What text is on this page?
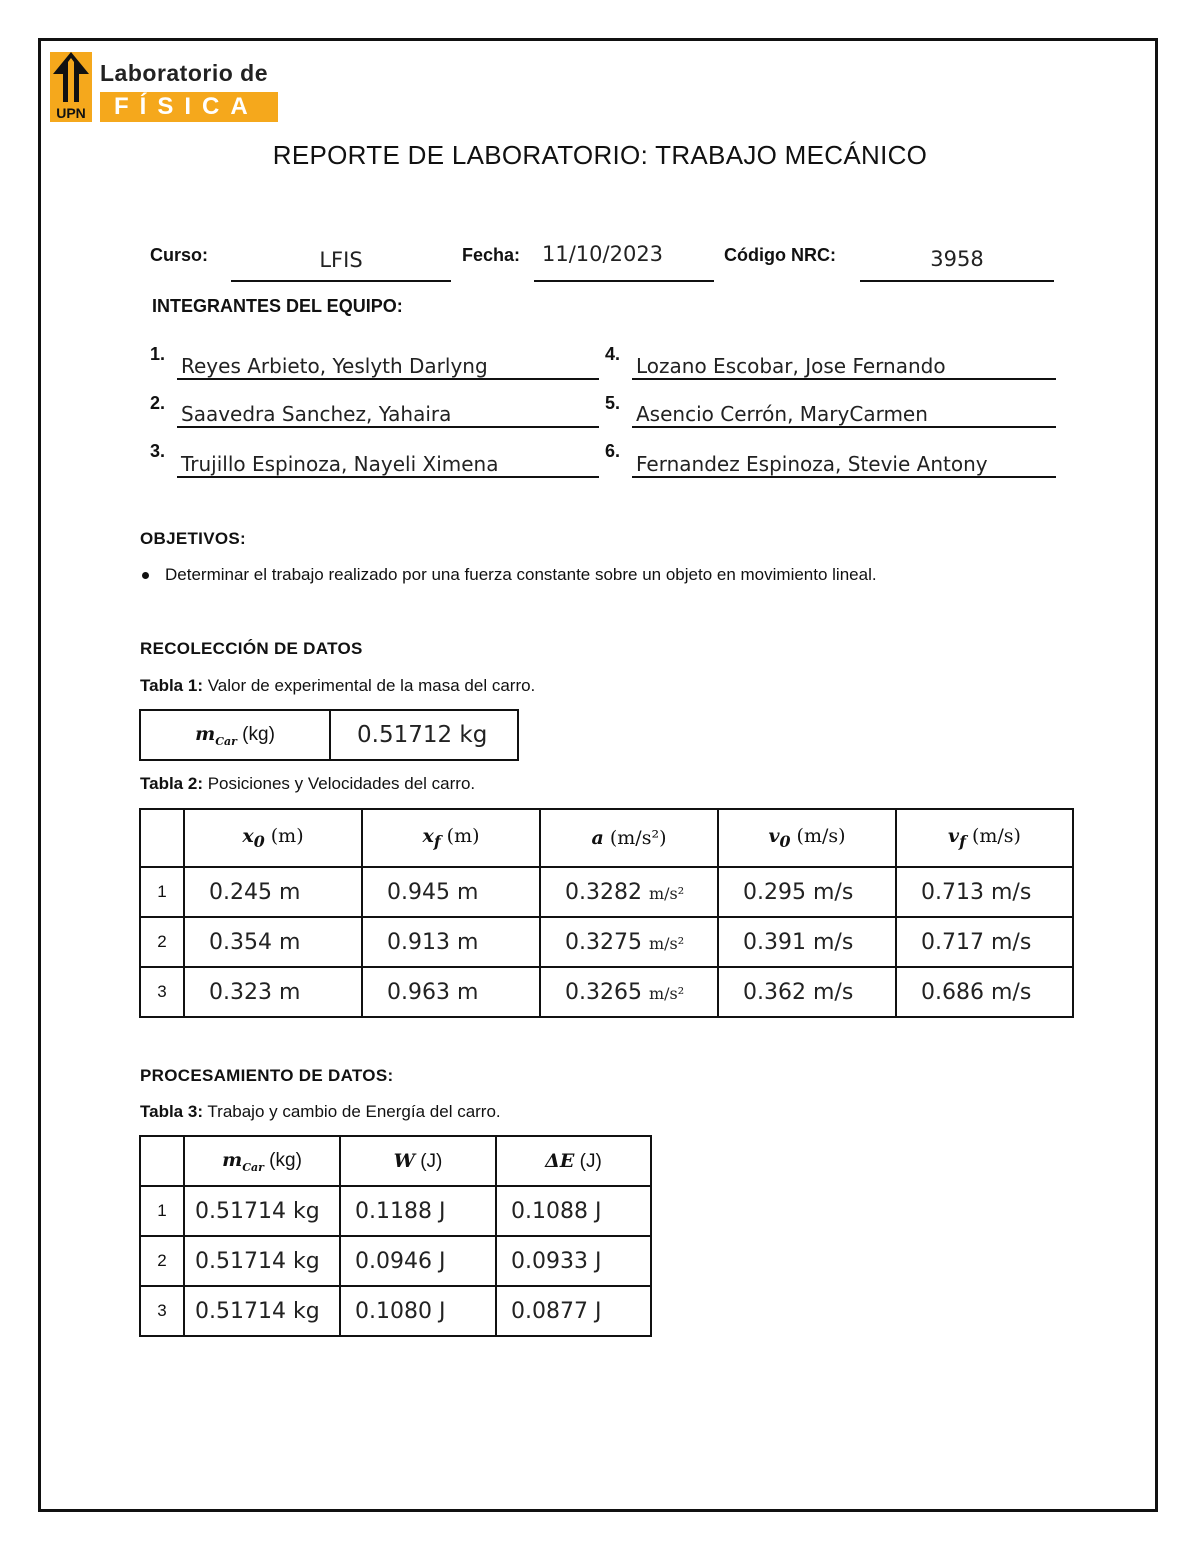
UPN
Laboratorio de
FÍSICA
REPORTE DE LABORATORIO: TRABAJO MECÁNICO
Curso:	LFIS	Fecha:	11/10/2023	Código NRC:	3958
INTEGRANTES DEL EQUIPO:
1. Reyes Arbieto, Yeslyth Darlyng
2. Saavedra Sanchez, Yahaira
3.
Trujillo Espinoza, Nayeli Ximena
4. Lozano Escobar, Jose Fernando
5. Asencio Cerrón, MaryCarmen
6.
Fernandez Espinoza, Stevie Antony
OBJETIVOS:
Determinar el trabajo realizado por una fuerza constante sobre un objeto en movimiento lineal.
RECOLECCIÓN DE DATOS
Tabla 1: Valor de experimental de la masa del carro.
$m_{Car}$ (kg)	0.51712 kg
Tabla 2: Posiciones y Velocidades del carro.
	$x_0$ (m)	$x_f$ (m)	a (m/s²)	$v_0$ (m/s)	$v_f$ (m/s)
1	0.245 m	0.945 m	0.3282 m/s²	0.295 m/s	0.713 m/s
2	0.354 m	0.913 m	0.3275 m/s²	0.391 m/s	0.717 m/s
3	0.323 m	0.963 m	0.3265 m/s²	0.362 m/s	0.686 m/s
PROCESAMIENTO DE DATOS:
Tabla 3: Trabajo y cambio de Energía del carro.
	$m_{Car}$ (kg)	W (J)	ΔE (J)
1	0.51714 kg	0.1188 J	0.1088 J
2	0.51714 kg	0.0946 J	0.0933 J
3	0.51714 kg	0.1080 J	0.0877 J
